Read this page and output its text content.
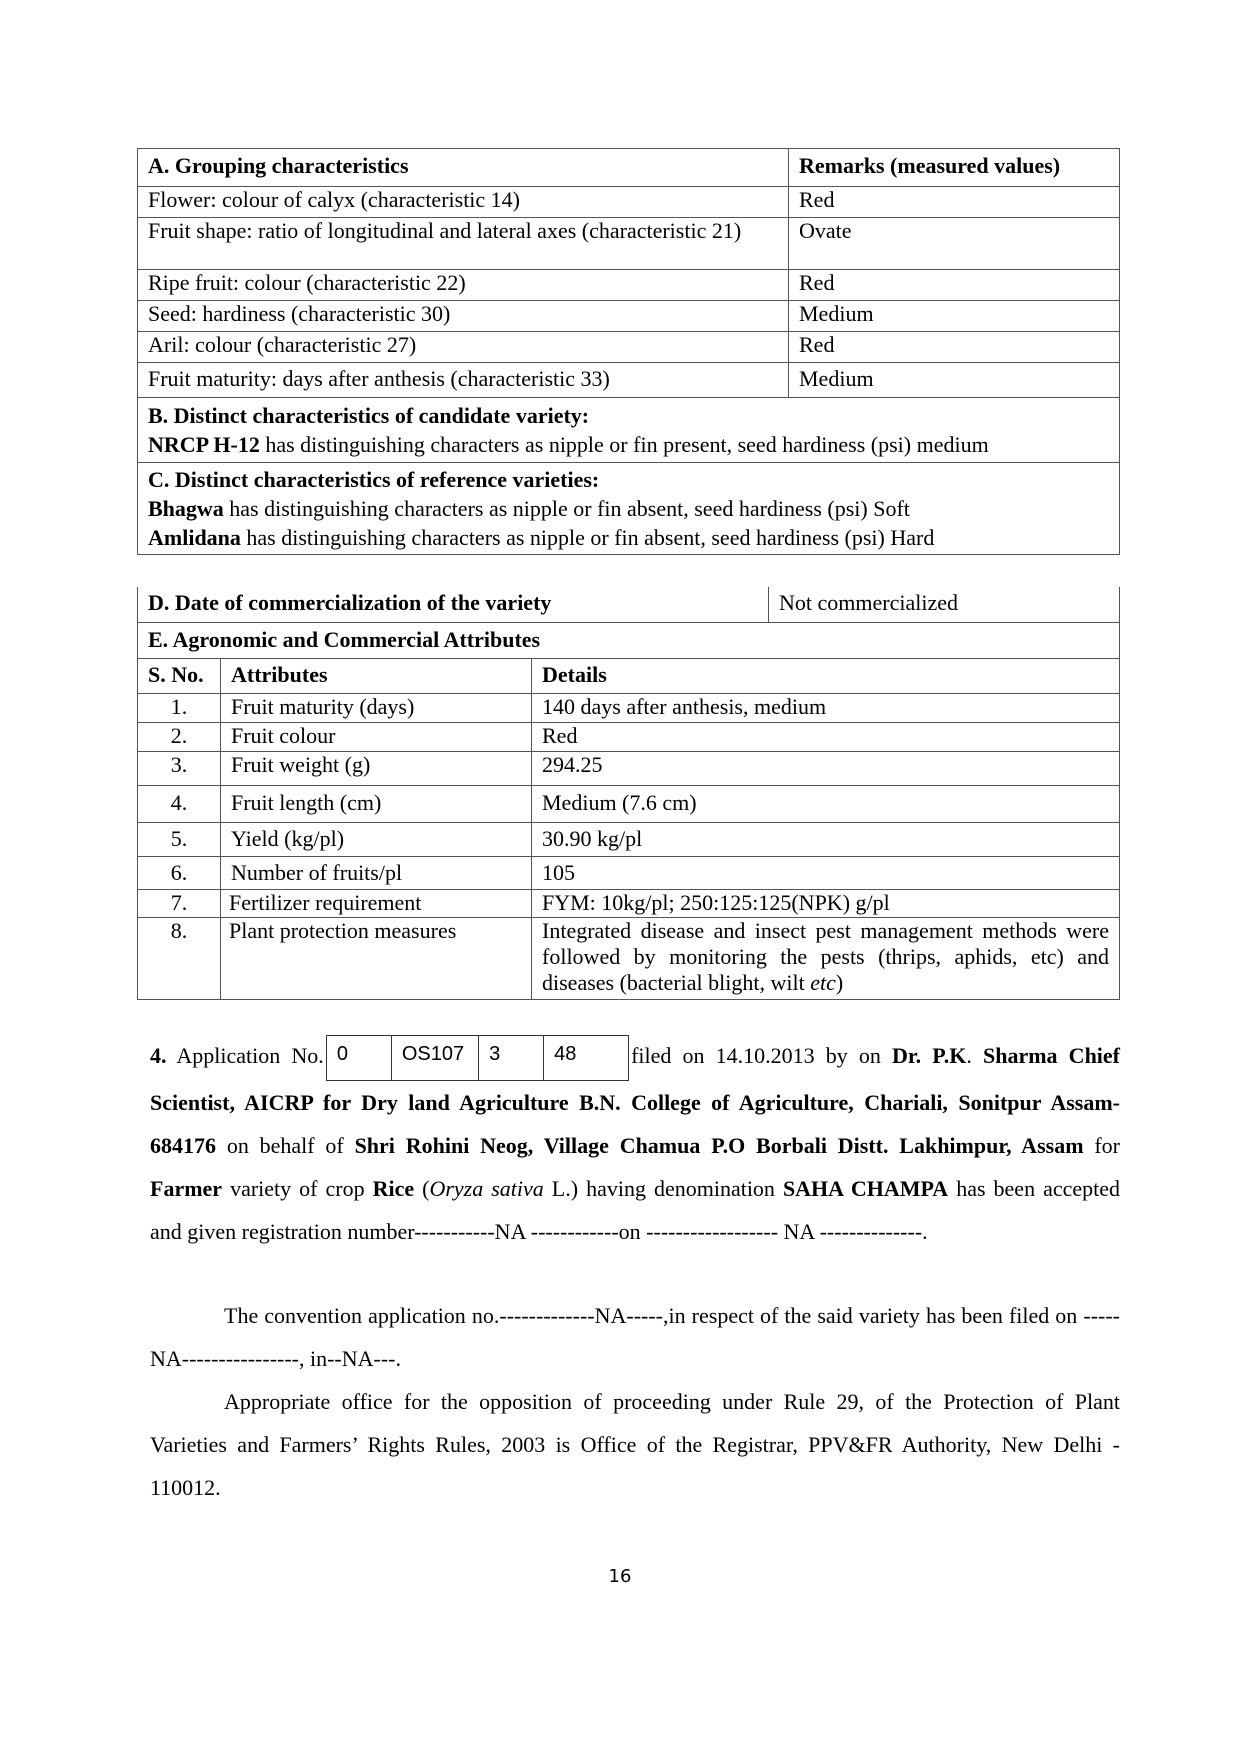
A. Grouping characteristics	Remarks (measured values)
Flower: colour of calyx (characteristic 14)	Red
Fruit shape: ratio of longitudinal and lateral axes (characteristic 21)	Ovate
Ripe fruit: colour (characteristic 22)	Red
Seed: hardiness (characteristic 30)	Medium
Aril: colour (characteristic 27)	Red
Fruit maturity: days after anthesis (characteristic 33)	Medium

B. Distinct characteristics of candidate variety:
NRCP H-12 has distinguishing characters as nipple or fin present, seed hardiness (psi) medium	

C. Distinct characteristics of reference varieties:
Bhagwa has distinguishing characters as nipple or fin absent, seed hardiness (psi) Soft
Amlidana has distinguishing characters as nipple or fin absent, seed hardiness (psi) Hard	
D. Date of commercialization of the variety	Not commercialized
E. Agronomic and Commercial Attributes
S. No.	Attributes	Details
1.	Fruit maturity (days)	140 days after anthesis, medium
2.	Fruit colour	Red
3.	Fruit weight (g)	294.25
4.	Fruit length (cm)	Medium (7.6 cm)
5.	Yield (kg/pl)	30.90 kg/pl
6.	Number of fruits/pl	105
7.	Fertilizer requirement	FYM: 10kg/pl; 250:125:125(NPK) g/pl
8.	Plant protection measures	Integrated disease and insect pest management methods were followed by monitoring the pests (thrips, aphids, etc) and diseases (bacterial blight, wilt etc)
4. Application No. 0	OS107	3	48	filed on 14.10.2013 by on Dr. P.K. Sharma Chief Scientist, AICRP for Dry land Agriculture B.N. College of Agriculture, Chariali, Sonitpur Assam- 684176 on behalf of Shri Rohini Neog, Village Chamua P.O Borbali Distt. Lakhimpur, Assam for Farmer variety of crop Rice (Oryza sativa L.) having denomination SAHA CHAMPA has been accepted and given registration number-----------NA ------------on ------------------ NA --------------.
The convention application no.-------------NA-----,in respect of the said variety has been filed on -----NA----------------, in--NA---.
Appropriate office for the opposition of proceeding under Rule 29, of the Protection of Plant Varieties and Farmers’ Rights Rules, 2003 is Office of the Registrar, PPV&FR Authority, New Delhi - 110012.
16
